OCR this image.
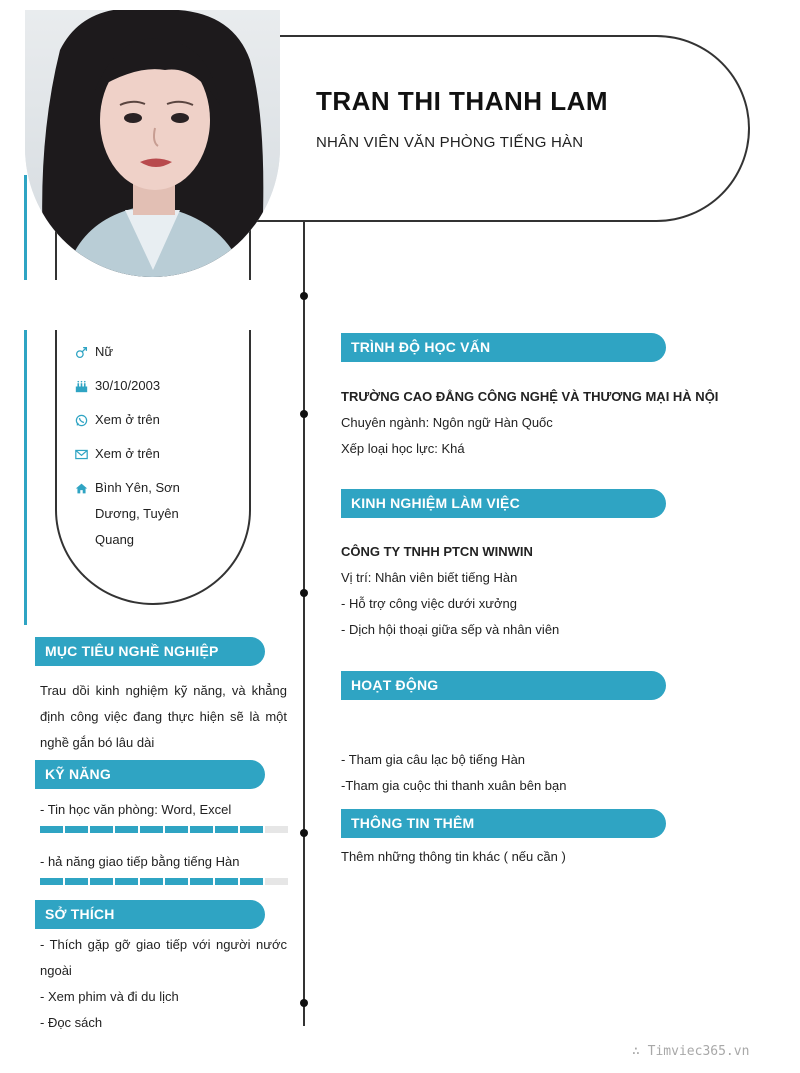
TRAN THI THANH LAM
NHÂN VIÊN VĂN PHÒNG TIẾNG HÀN
Nữ
30/10/2003
Xem ở trên
Xem ở trên
Bình Yên, Sơn Dương, Tuyên Quang
MỤC TIÊU NGHỀ NGHIỆP
Trau dồi kinh nghiệm kỹ năng, và khẳng định công việc đang thực hiện sẽ là một nghề gắn bó lâu dài
KỸ NĂNG
- Tin học văn phòng: Word, Excel
- hả năng giao tiếp bằng tiếng Hàn
SỞ THÍCH
- Thích gặp gỡ giao tiếp với người nước ngoài
- Xem phim và đi du lịch
- Đọc sách
TRÌNH ĐỘ HỌC VẤN
TRƯỜNG CAO ĐẲNG CÔNG NGHỆ VÀ THƯƠNG MẠI HÀ NỘI
Chuyên ngành: Ngôn ngữ Hàn Quốc
Xếp loại học lực: Khá
KINH NGHIỆM LÀM VIỆC
CÔNG TY TNHH PTCN WINWIN
Vị trí: Nhân viên biết tiếng Hàn
- Hỗ trợ công việc dưới xưởng
- Dịch hội thoại giữa sếp và nhân viên
HOẠT ĐỘNG
- Tham gia câu lạc bộ tiếng Hàn
-Tham gia cuộc thi thanh xuân bên bạn
THÔNG TIN THÊM
Thêm những thông tin khác ( nếu cần )
∴ Timviec365.vn
